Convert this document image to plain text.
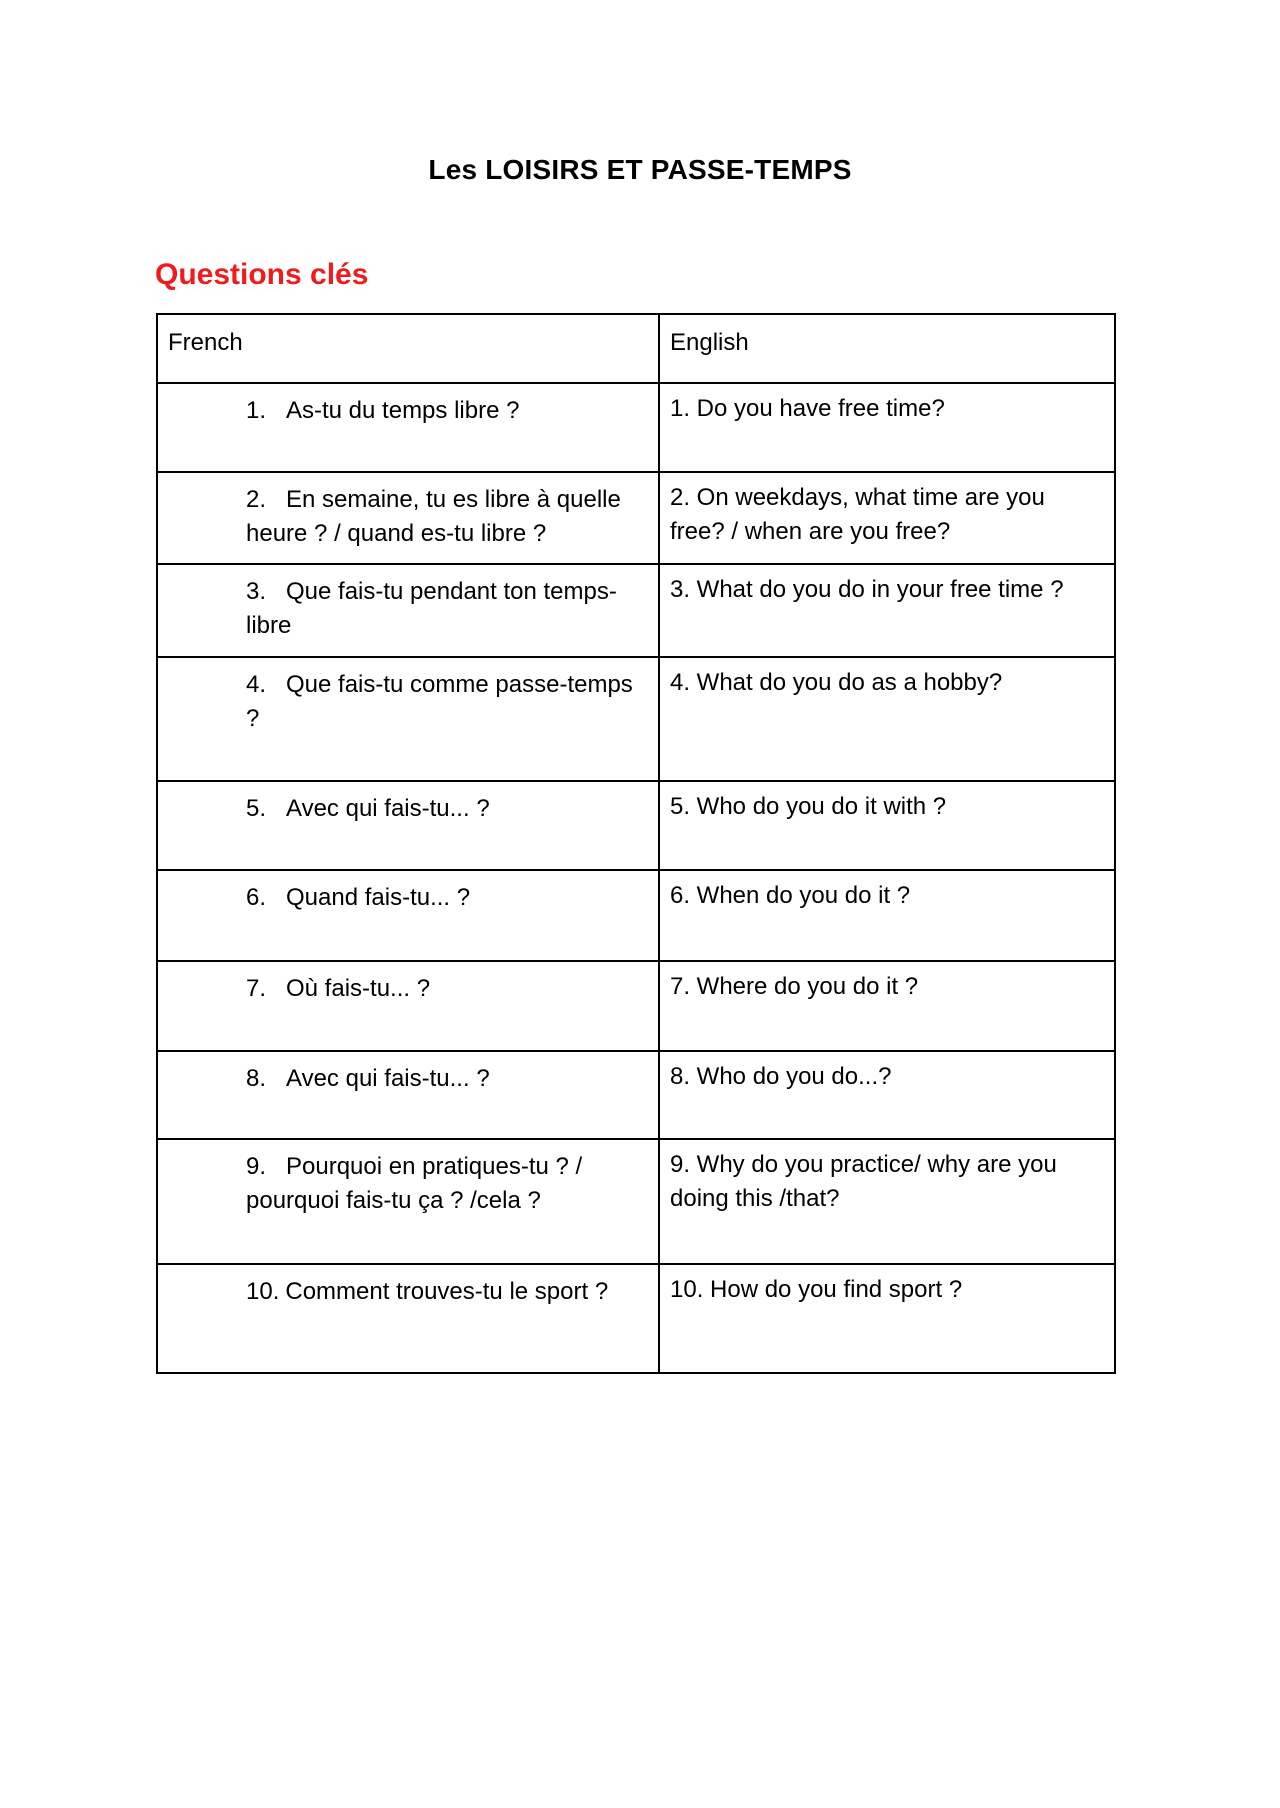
Les LOISIRS ET PASSE-TEMPS
Questions clés
French	English
1. As-tu du temps libre ?	1. Do you have free time?
2. En semaine, tu es libre à quelle heure ? / quand es-tu libre ?	2. On weekdays, what time are you free? / when are you free?
3. Que fais-tu pendant ton temps-libre	3. What do you do in your free time ?
4. Que fais-tu comme passe-temps ?	4. What do you do as a hobby?
5. Avec qui fais-tu... ?	5. Who do you do it with ?
6. Quand fais-tu... ?	6. When do you do it ?
7. Où fais-tu... ?	7. Where do you do it ?
8. Avec qui fais-tu... ?	8. Who do you do...?
9. Pourquoi en pratiques-tu ? / pourquoi fais-tu ça ? /cela ?	9. Why do you practice/ why are you doing this /that?
10. Comment trouves-tu le sport ?	10. How do you find sport ?
